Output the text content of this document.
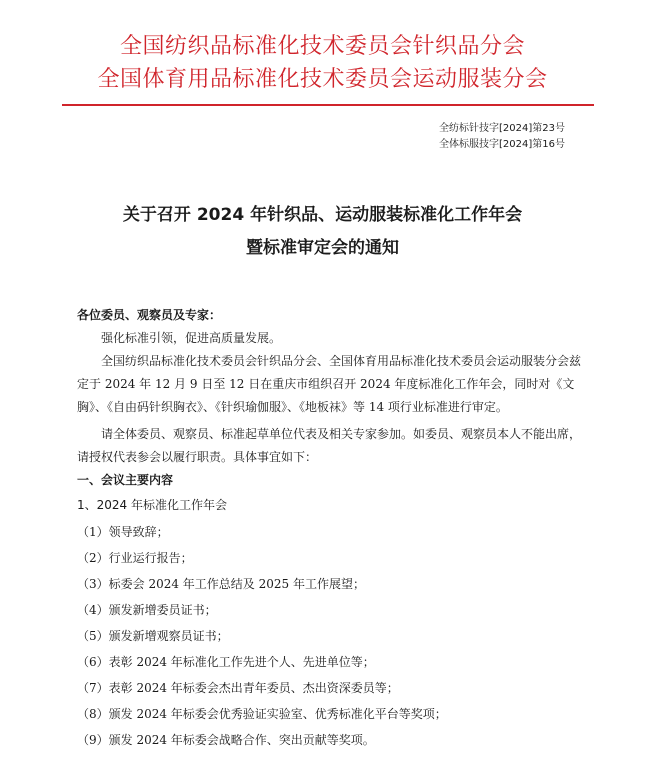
全国纺织品标准化技术委员会针织品分会
全国体育用品标准化技术委员会运动服装分会
全纺标针技字[2024]第23号
全体标服技字[2024]第16号
关于召开 2024 年针织品、运动服装标准化工作年会
暨标准审定会的通知

各位委员、观察员及专家：

强化标准引领，促进高质量发展。

全国纺织品标准化技术委员会针织品分会、全国体育用品标准化技术委员会运动服装分会兹定于 2024 年 12 月 9 日至 12 日在重庆市组织召开 2024 年度标准化工作年会，同时对《文胸》、《自由码针织胸衣》、《针织瑜伽服》、《地板袜》等 14 项行业标准进行审定。

请全体委员、观察员、标准起草单位代表及相关专家参加。如委员、观察员本人不能出席，请授权代表参会以履行职责。具体事宜如下：

一、会议主要内容

1、2024 年标准化工作年会

（1）领导致辞；

（2）行业运行报告；

（3）标委会 2024 年工作总结及 2025 年工作展望；

（4）颁发新增委员证书；

（5）颁发新增观察员证书；

（6）表彰 2024 年标准化工作先进个人、先进单位等；

（7）表彰 2024 年标委会杰出青年委员、杰出资深委员等；

（8）颁发 2024 年标委会优秀验证实验室、优秀标准化平台等奖项；

（9）颁发 2024 年标委会战略合作、突出贡献等奖项。
